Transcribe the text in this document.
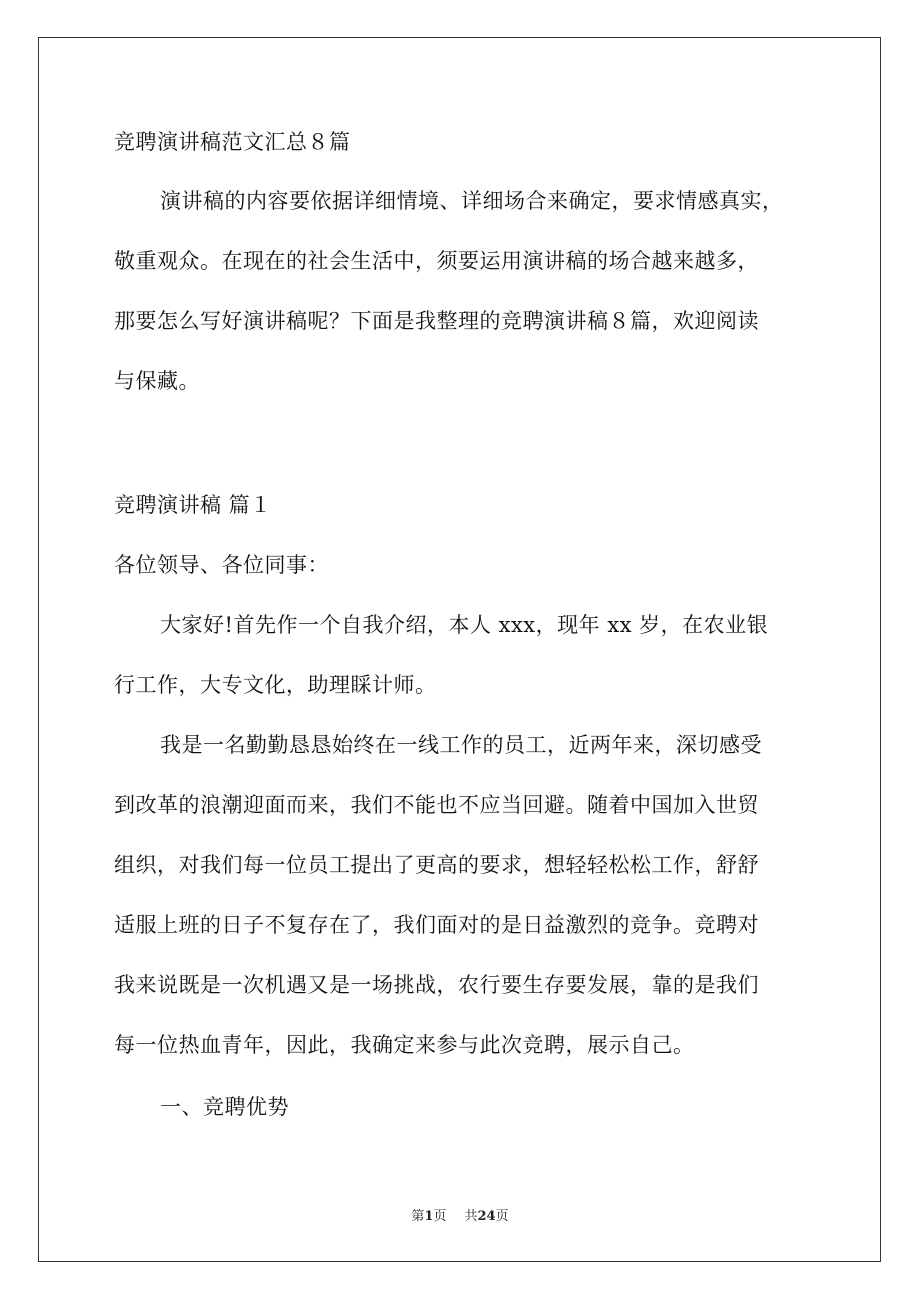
竞聘演讲稿范文汇总８篇
演讲稿的内容要依据详细情境、详细场合来确定，要求情感真实，
敬重观众。在现在的社会生活中，须要运用演讲稿的场合越来越多，
那要怎么写好演讲稿呢？下面是我整理的竞聘演讲稿８篇，欢迎阅读
与保藏。
竞聘演讲稿 篇１
各位领导、各位同事：
大家好!首先作一个自我介绍，本人 xxx，现年 xx 岁，在农业银
行工作，大专文化，助理睬计师。
我是一名勤勤恳恳始终在一线工作的员工，近两年来，深切感受
到改革的浪潮迎面而来，我们不能也不应当回避。随着中国加入世贸
组织，对我们每一位员工提出了更高的要求，想轻轻松松工作，舒舒
适服上班的日子不复存在了，我们面对的是日益激烈的竞争。竞聘对
我来说既是一次机遇又是一场挑战，农行要生存要发展，靠的是我们
每一位热血青年，因此，我确定来参与此次竞聘，展示自己。
一、竞聘优势
第1页 共24页
